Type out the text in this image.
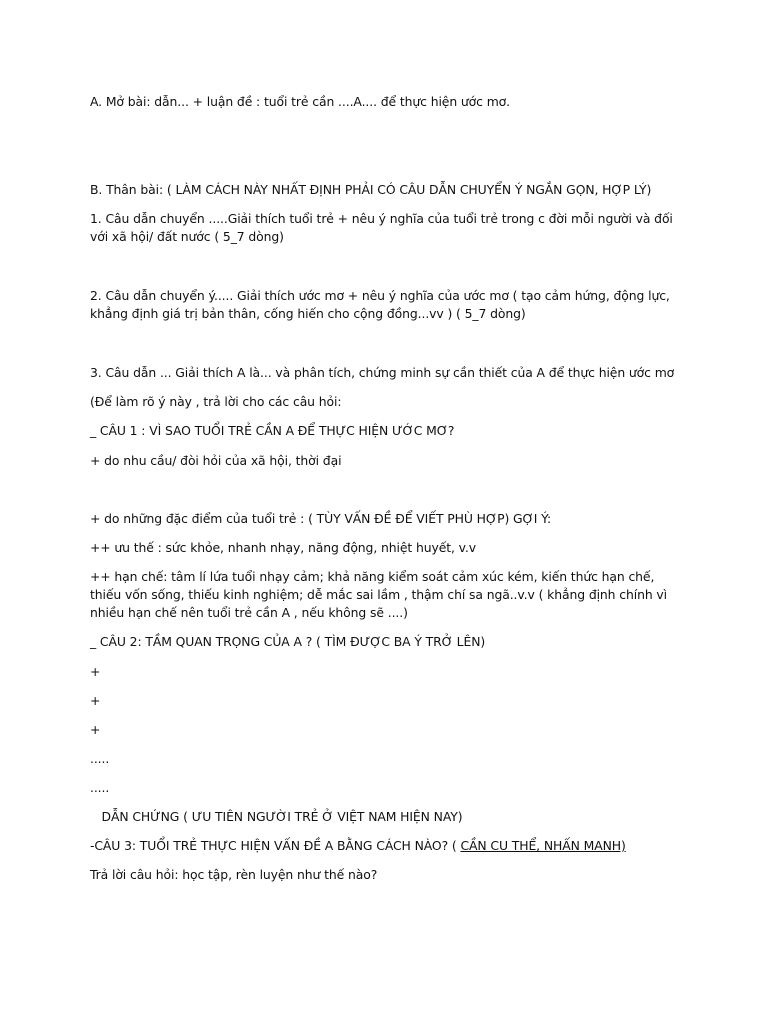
A. Mở bài: dẫn... + luận đề : tuổi trẻ cần ....A.... để thực hiện ước mơ.
B. Thân bài: ( LÀM CÁCH NÀY NHẤT ĐỊNH PHẢI CÓ CÂU DẪN CHUYỂN Ý NGẮN GỌN, HỢP LÝ)
1. Câu dẫn chuyển .....Giải thích tuổi trẻ + nêu ý nghĩa của tuổi trẻ trong c đời mỗi người và đối với xã hội/ đất nước ( 5_7 dòng)
2. Câu dẫn chuyển ý..... Giải thích ước mơ + nêu ý nghĩa của ước mơ ( tạo cảm hứng, động lực, khẳng định giá trị bản thân, cống hiến cho cộng đồng...vv ) ( 5_7 dòng)
3. Câu dẫn ... Giải thích A là... và phân tích, chứng minh sự cần thiết của A để thực hiện ước mơ
(Để làm rõ ý này , trả lời cho các câu hỏi:
_ CÂU 1 : VÌ SAO TUỔI TRẺ CẦN A ĐỂ THỰC HIỆN ƯỚC MƠ?
+ do nhu cầu/ đòi hỏi của xã hội, thời đại
+ do những đặc điểm của tuổi trẻ : ( TÙY VẤN ĐỀ ĐỂ VIẾT PHÙ HỢP) GỢI Ý:
++ ưu thế : sức khỏe, nhanh nhạy, năng động, nhiệt huyết, v.v
++ hạn chế: tâm lí lứa tuổi nhạy cảm; khả năng kiểm soát cảm xúc kém, kiến thức hạn chế, thiếu vốn sống, thiếu kinh nghiệm; dễ mắc sai lầm , thậm chí sa ngã..v.v ( khẳng định chính vì nhiều hạn chế nên tuổi trẻ cần A , nếu không sẽ ....)
_ CÂU 2: TẦM QUAN TRỌNG CỦA A ? ( TÌM ĐƯỢC BA Ý TRỞ LÊN)
+
+
+
.....
.....
DẪN CHỨNG ( ƯU TIÊN NGƯỜI TRẺ Ở VIỆT NAM HIỆN NAY)
-CÂU 3: TUỔI TRẺ THỰC HIỆN VẤN ĐỀ A BẰNG CÁCH NÀO? ( CẦN CU THỂ, NHẤN MANH)
Trả lời câu hỏi: học tập, rèn luyện như thế nào?
